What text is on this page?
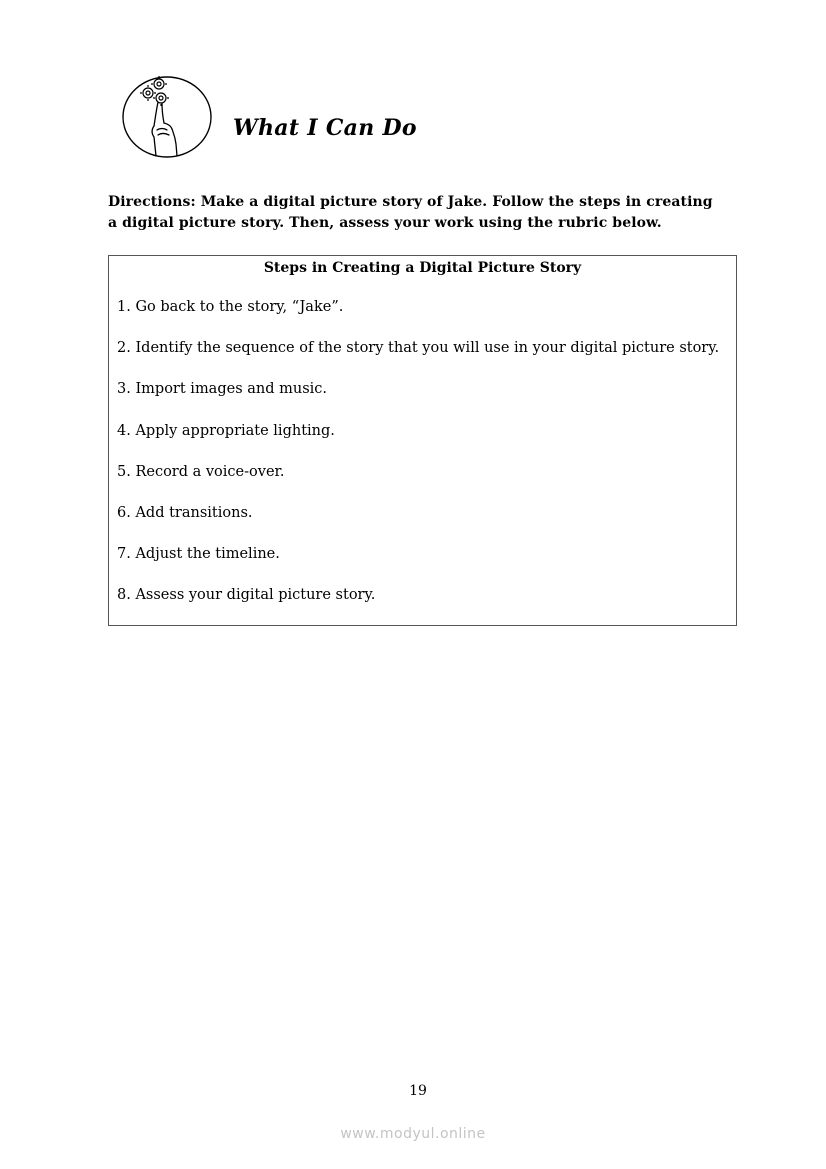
What I Can Do
Directions: Make a digital picture story of Jake. Follow the steps in creating
a digital picture story. Then, assess your work using the rubric below.
Steps in Creating a Digital Picture Story
1. Go back to the story, “Jake”.
2. Identify the sequence of the story that you will use in your digital picture story.
3. Import images and music.
4. Apply appropriate lighting.
5. Record a voice-over.
6. Add transitions.
7. Adjust the timeline.
8. Assess your digital picture story.
19
www.modyul.online
